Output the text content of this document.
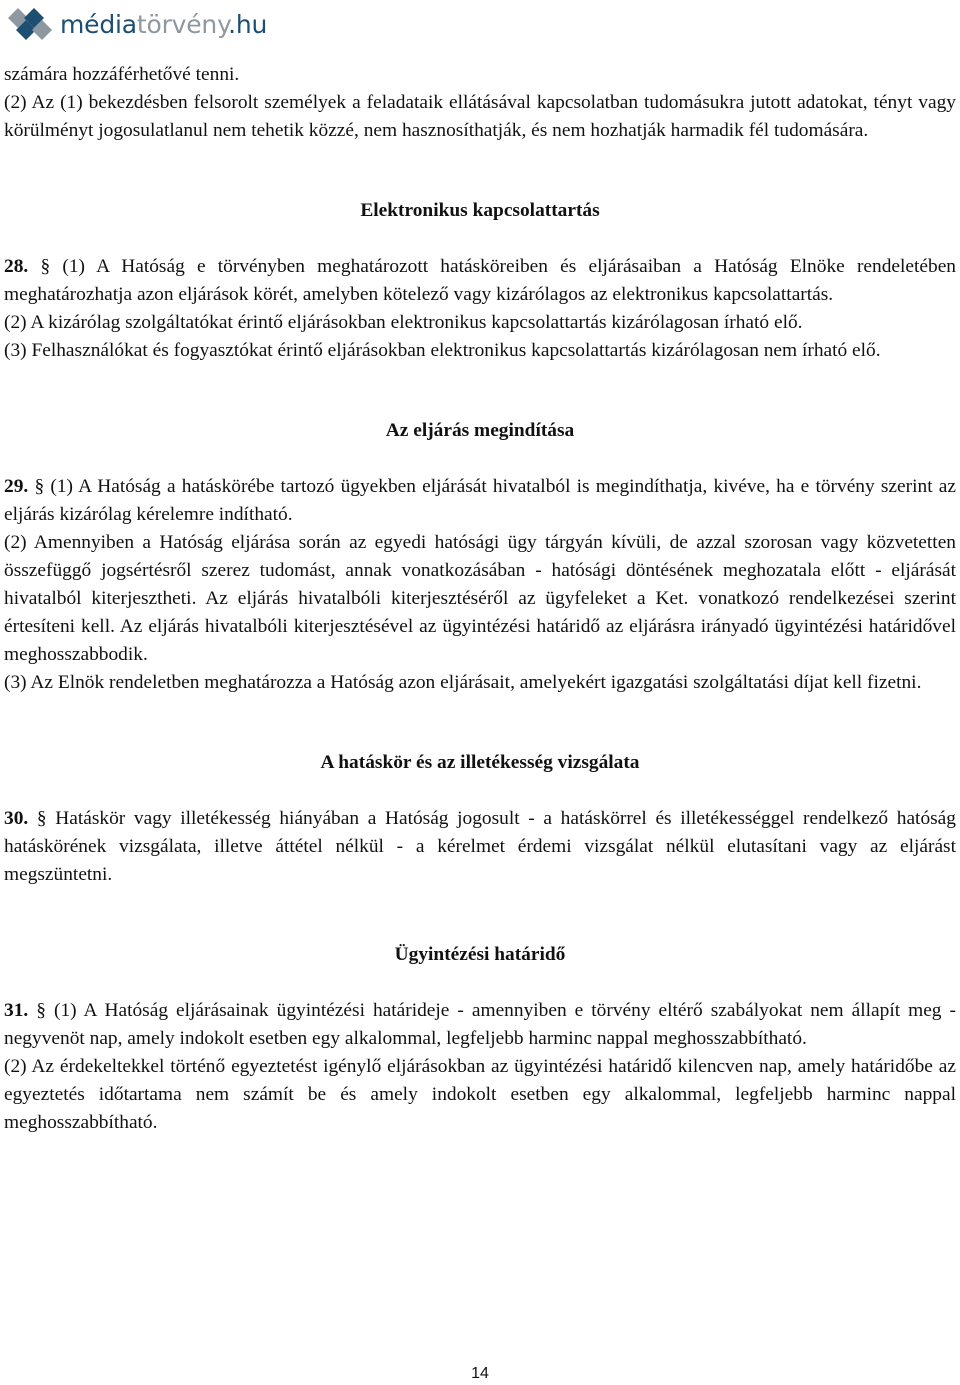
médiatörvény.hu

számára hozzáférhetővé tenni.

(2) Az (1) bekezdésben felsorolt személyek a feladataik ellátásával kapcsolatban tudomásukra jutott adatokat, tényt vagy körülményt jogosulatlanul nem tehetik közzé, nem hasznosíthatják, és nem hozhatják harmadik fél tudomására.

Elektronikus kapcsolattartás

28. § (1) A Hatóság e törvényben meghatározott hatásköreiben és eljárásaiban a Hatóság Elnöke rendeletében meghatározhatja azon eljárások körét, amelyben kötelező vagy kizárólagos az elektronikus kapcsolattartás.

(2) A kizárólag szolgáltatókat érintő eljárásokban elektronikus kapcsolattartás kizárólagosan írható elő.

(3) Felhasználókat és fogyasztókat érintő eljárásokban elektronikus kapcsolattartás kizárólagosan nem írható elő.

Az eljárás megindítása

29. § (1) A Hatóság a hatáskörébe tartozó ügyekben eljárását hivatalból is megindíthatja, kivéve, ha e törvény szerint az eljárás kizárólag kérelemre indítható.

(2) Amennyiben a Hatóság eljárása során az egyedi hatósági ügy tárgyán kívüli, de azzal szorosan vagy közvetetten összefüggő jogsértésről szerez tudomást, annak vonatkozásában - hatósági döntésének meghozatala előtt - eljárását hivatalból kiterjesztheti. Az eljárás hivatalbóli kiterjesztéséről az ügyfeleket a Ket. vonatkozó rendelkezései szerint értesíteni kell. Az eljárás hivatalbóli kiterjesztésével az ügyintézési határidő az eljárásra irányadó ügyintézési határidővel meghosszabbodik.

(3) Az Elnök rendeletben meghatározza a Hatóság azon eljárásait, amelyekért igazgatási szolgáltatási díjat kell fizetni.

A hatáskör és az illetékesség vizsgálata

30. § Hatáskör vagy illetékesség hiányában a Hatóság jogosult - a hatáskörrel és illetékességgel rendelkező hatóság hatáskörének vizsgálata, illetve áttétel nélkül - a kérelmet érdemi vizsgálat nélkül elutasítani vagy az eljárást megszüntetni.

Ügyintézési határidő

31. § (1) A Hatóság eljárásainak ügyintézési határideje - amennyiben e törvény eltérő szabályokat nem állapít meg - negyvenöt nap, amely indokolt esetben egy alkalommal, legfeljebb harminc nappal meghosszabbítható.

(2) Az érdekeltekkel történő egyeztetést igénylő eljárásokban az ügyintézési határidő kilencven nap, amely határidőbe az egyeztetés időtartama nem számít be és amely indokolt esetben egy alkalommal, legfeljebb harminc nappal meghosszabbítható.

14
